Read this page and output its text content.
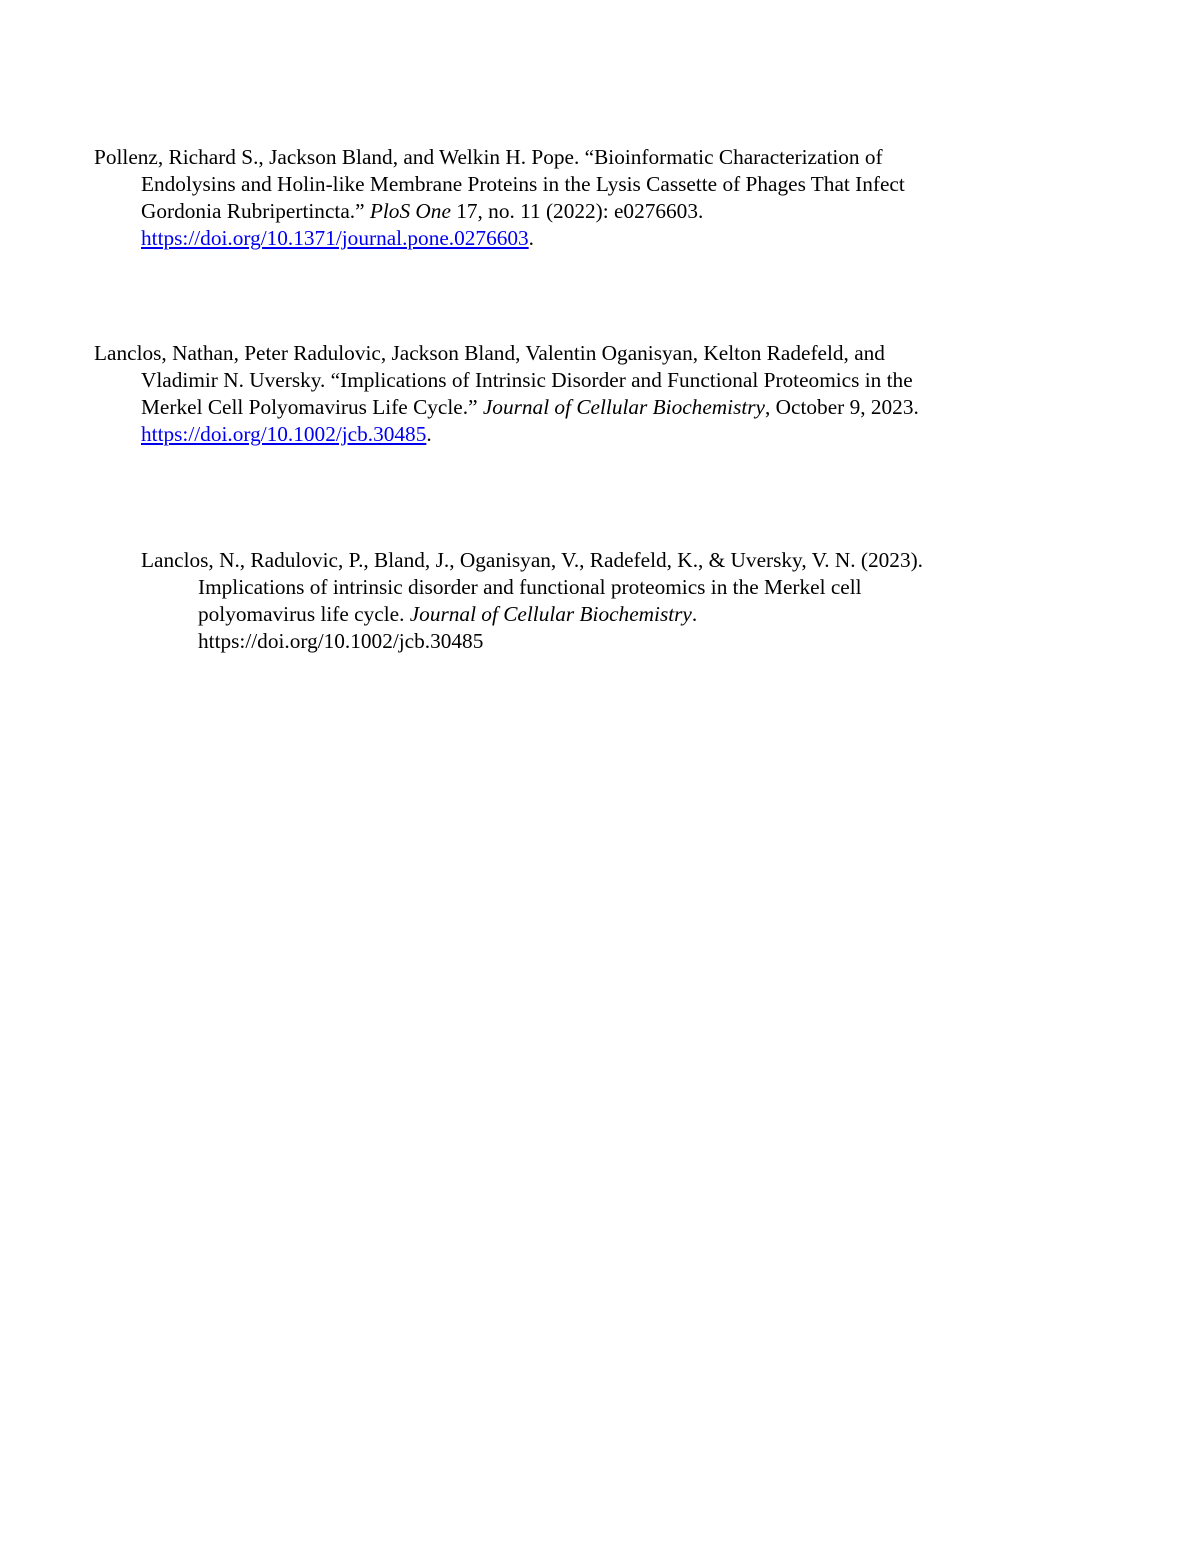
Pollenz, Richard S., Jackson Bland, and Welkin H. Pope. “Bioinformatic Characterization of
Endolysins and Holin-like Membrane Proteins in the Lysis Cassette of Phages That Infect
Gordonia Rubripertincta.” PloS One 17, no. 11 (2022): e0276603.
https://doi.org/10.1371/journal.pone.0276603.
Lanclos, Nathan, Peter Radulovic, Jackson Bland, Valentin Oganisyan, Kelton Radefeld, and
Vladimir N. Uversky. “Implications of Intrinsic Disorder and Functional Proteomics in the
Merkel Cell Polyomavirus Life Cycle.” Journal of Cellular Biochemistry, October 9, 2023.
https://doi.org/10.1002/jcb.30485.
Lanclos, N., Radulovic, P., Bland, J., Oganisyan, V., Radefeld, K., & Uversky, V. N. (2023).
Implications of intrinsic disorder and functional proteomics in the Merkel cell
polyomavirus life cycle. Journal of Cellular Biochemistry.
https://doi.org/10.1002/jcb.30485
